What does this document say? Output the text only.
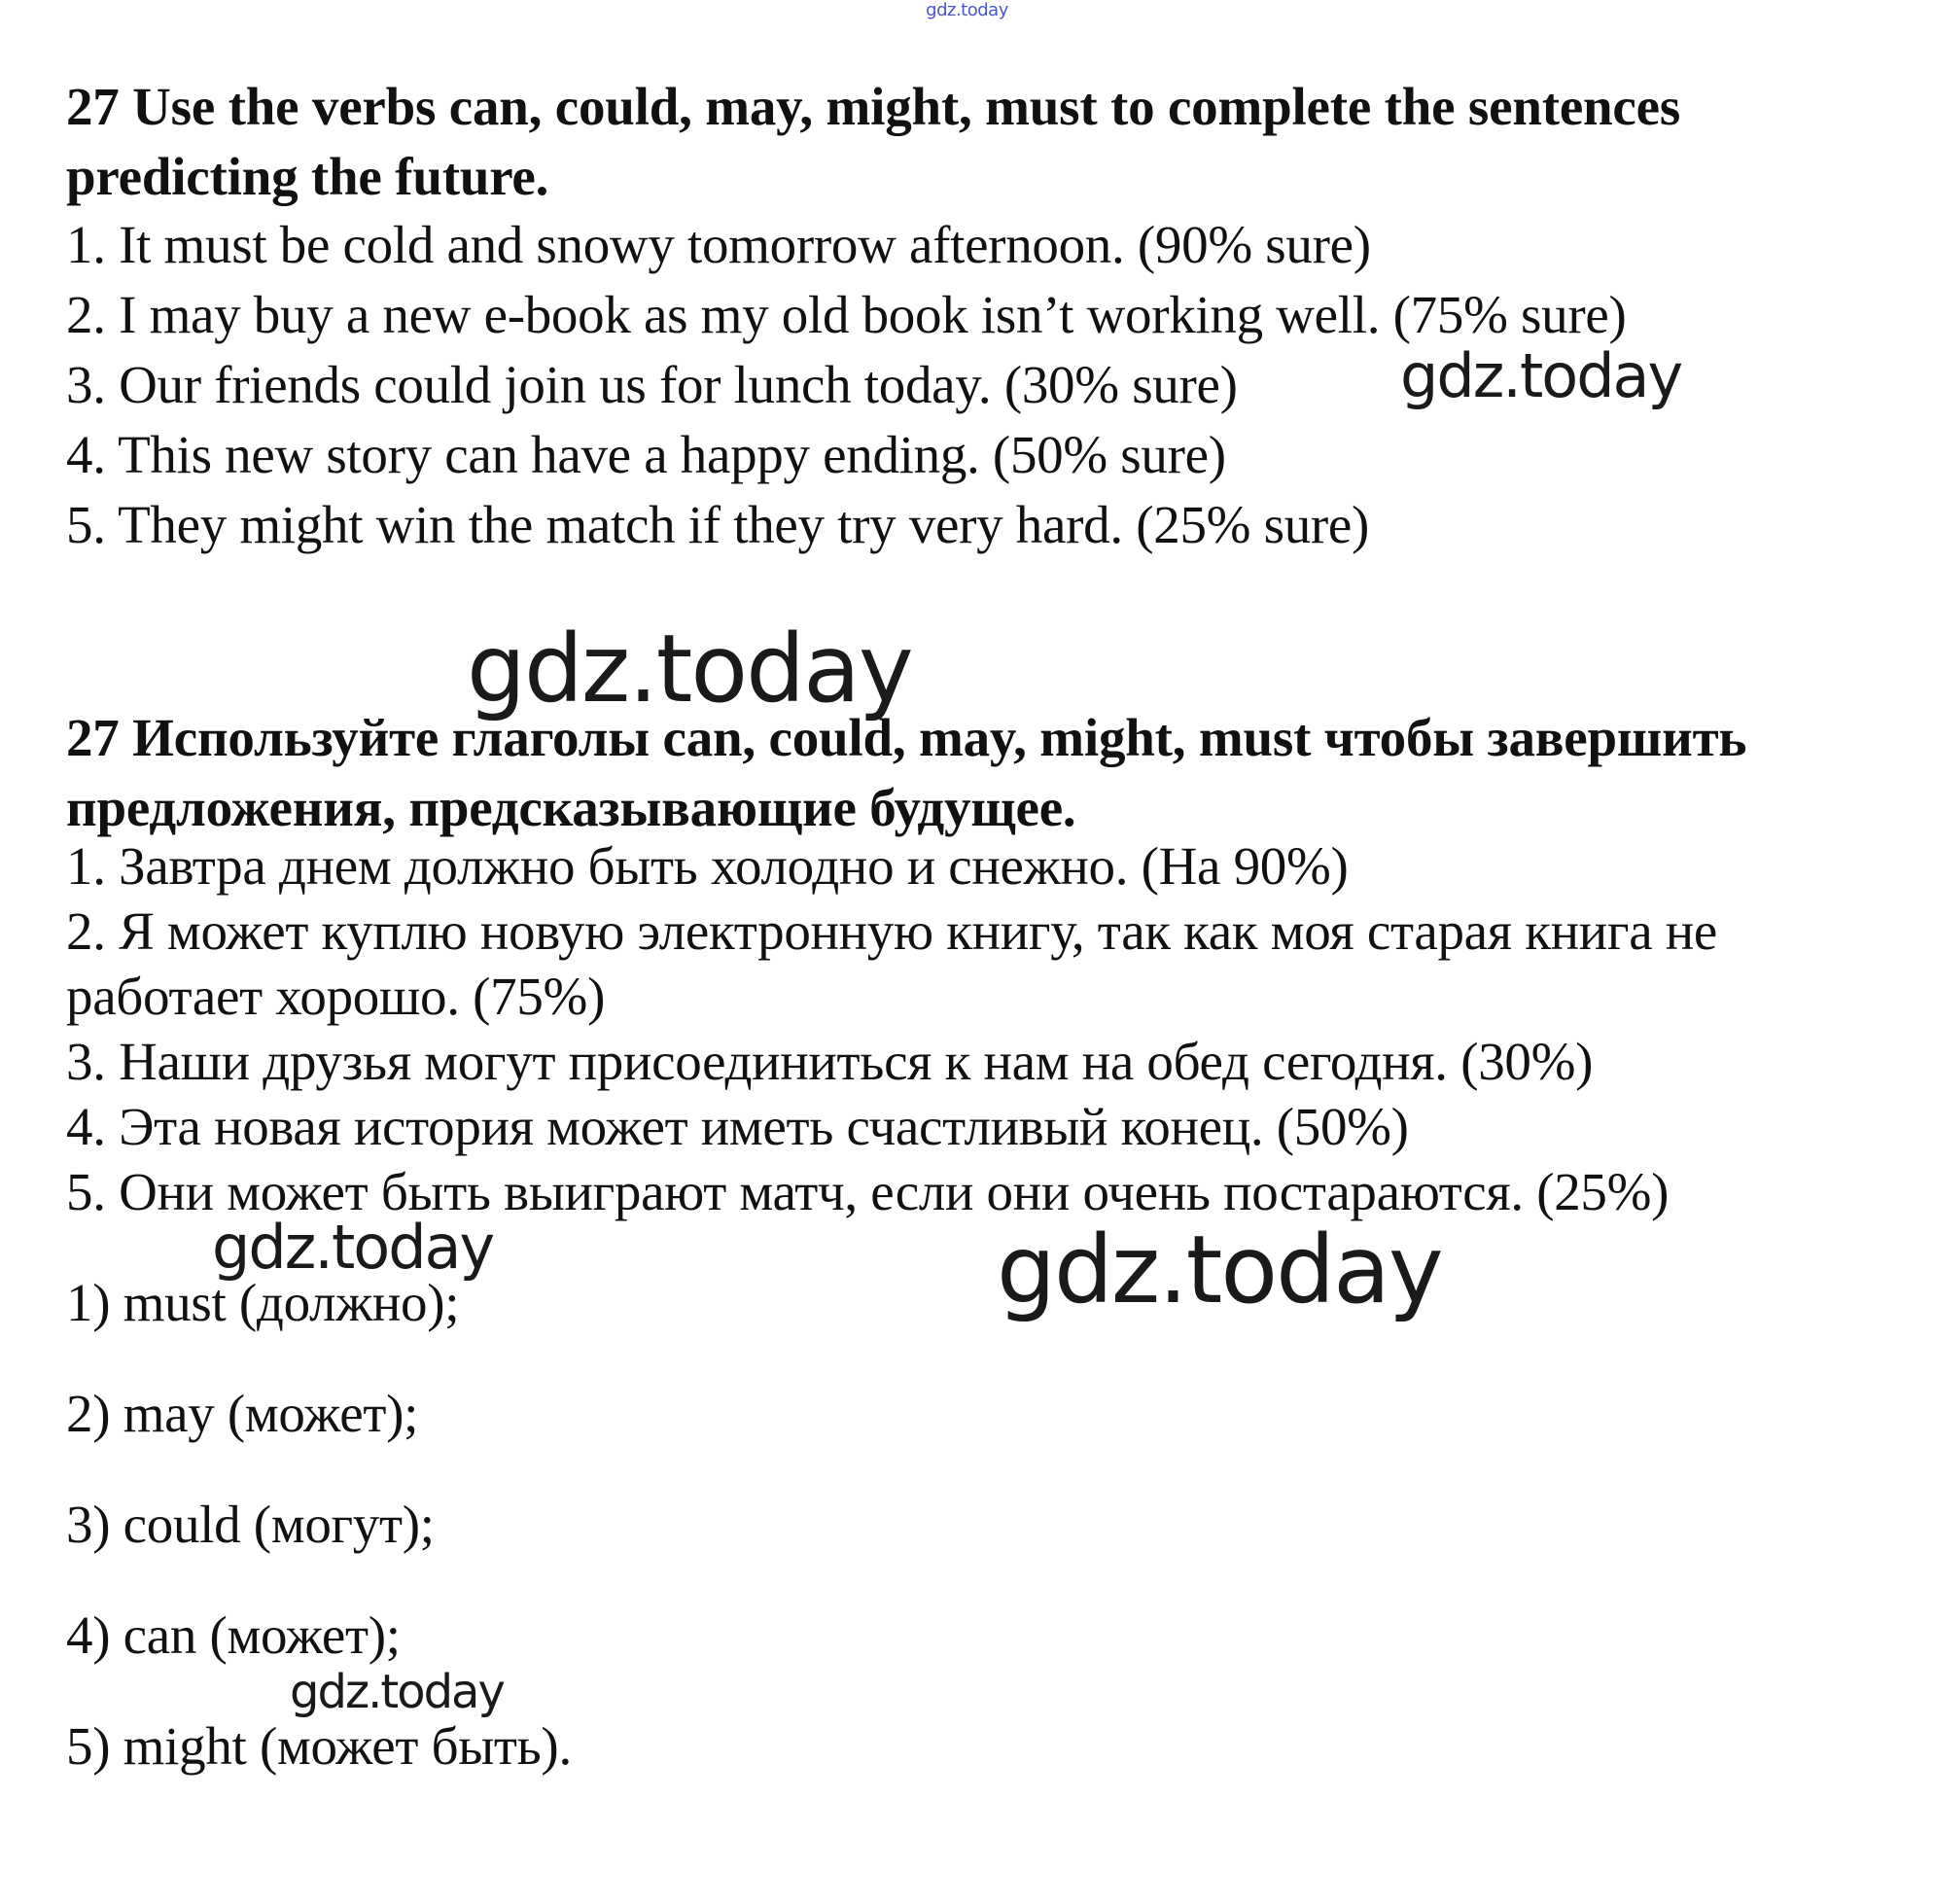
gdz.today
27 Use the verbs can, could, may, might, must to complete the sentences predicting the future.

1. It must be cold and snowy tomorrow afternoon. (90% sure)

2. I may buy a new e-book as my old book isn’t working well. (75% sure)

3. Our friends could join us for lunch today. (30% sure)

4. This new story can have a happy ending. (50% sure)

5. They might win the match if they try very hard. (25% sure)

27 Используйте глаголы can, could, may, might, must чтобы завершить предложения, предсказывающие будущее.

1. Завтра днем должно быть холодно и снежно. (На 90%)

2. Я может куплю новую электронную книгу, так как моя старая книга не работает хорошо. (75%)

3. Наши друзья могут присоединиться к нам на обед сегодня. (30%)

4. Эта новая история может иметь счастливый конец. (50%)

5. Они может быть выиграют матч, если они очень постараются. (25%)

1) must (должно);

2) may (может);

3) could (могут);

4) can (может);

5) might (может быть).

gdz.today
gdz.today
gdz.today	gdz.today
gdz.today
